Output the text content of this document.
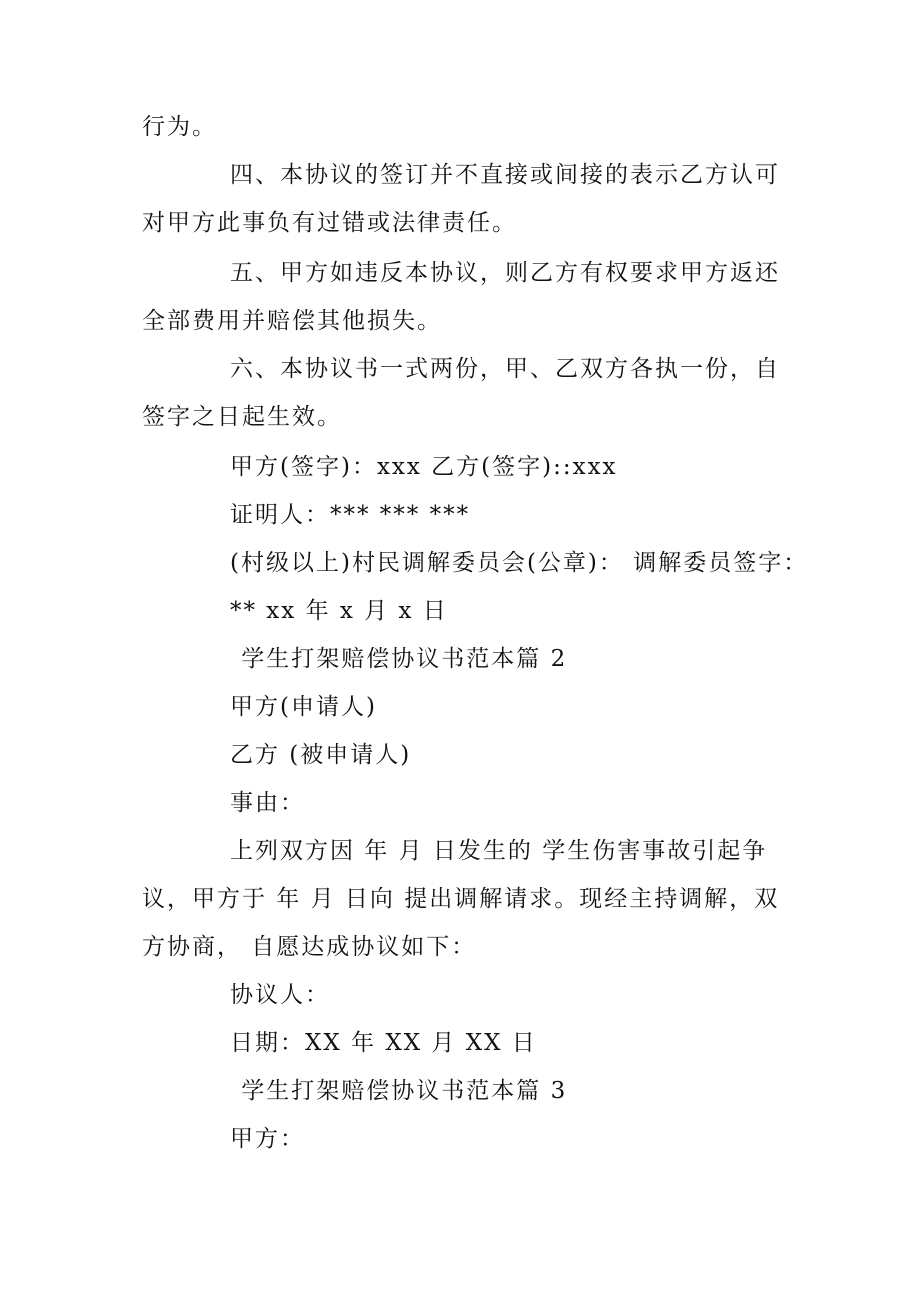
行为。
四、本协议的签订并不直接或间接的表示乙方认可
对甲方此事负有过错或法律责任。
五、甲方如违反本协议，则乙方有权要求甲方返还
全部费用并赔偿其他损失。
六、本协议书一式两份，甲、乙双方各执一份，自
签字之日起生效。
甲方(签字)：xxx 乙方(签字)::xxx
证明人：*** *** ***
(村级以上)村民调解委员会(公章)： 调解委员签字：
** xx 年 x 月 x 日
学生打架赔偿协议书范本篇 2
甲方(申请人)
乙方 (被申请人)
事由：
上列双方因 年 月 日发生的 学生伤害事故引起争
议，甲方于 年 月 日向 提出调解请求。现经主持调解，双
方协商， 自愿达成协议如下：
协议人：
日期：XX 年 XX 月 XX 日
学生打架赔偿协议书范本篇 3
甲方：
